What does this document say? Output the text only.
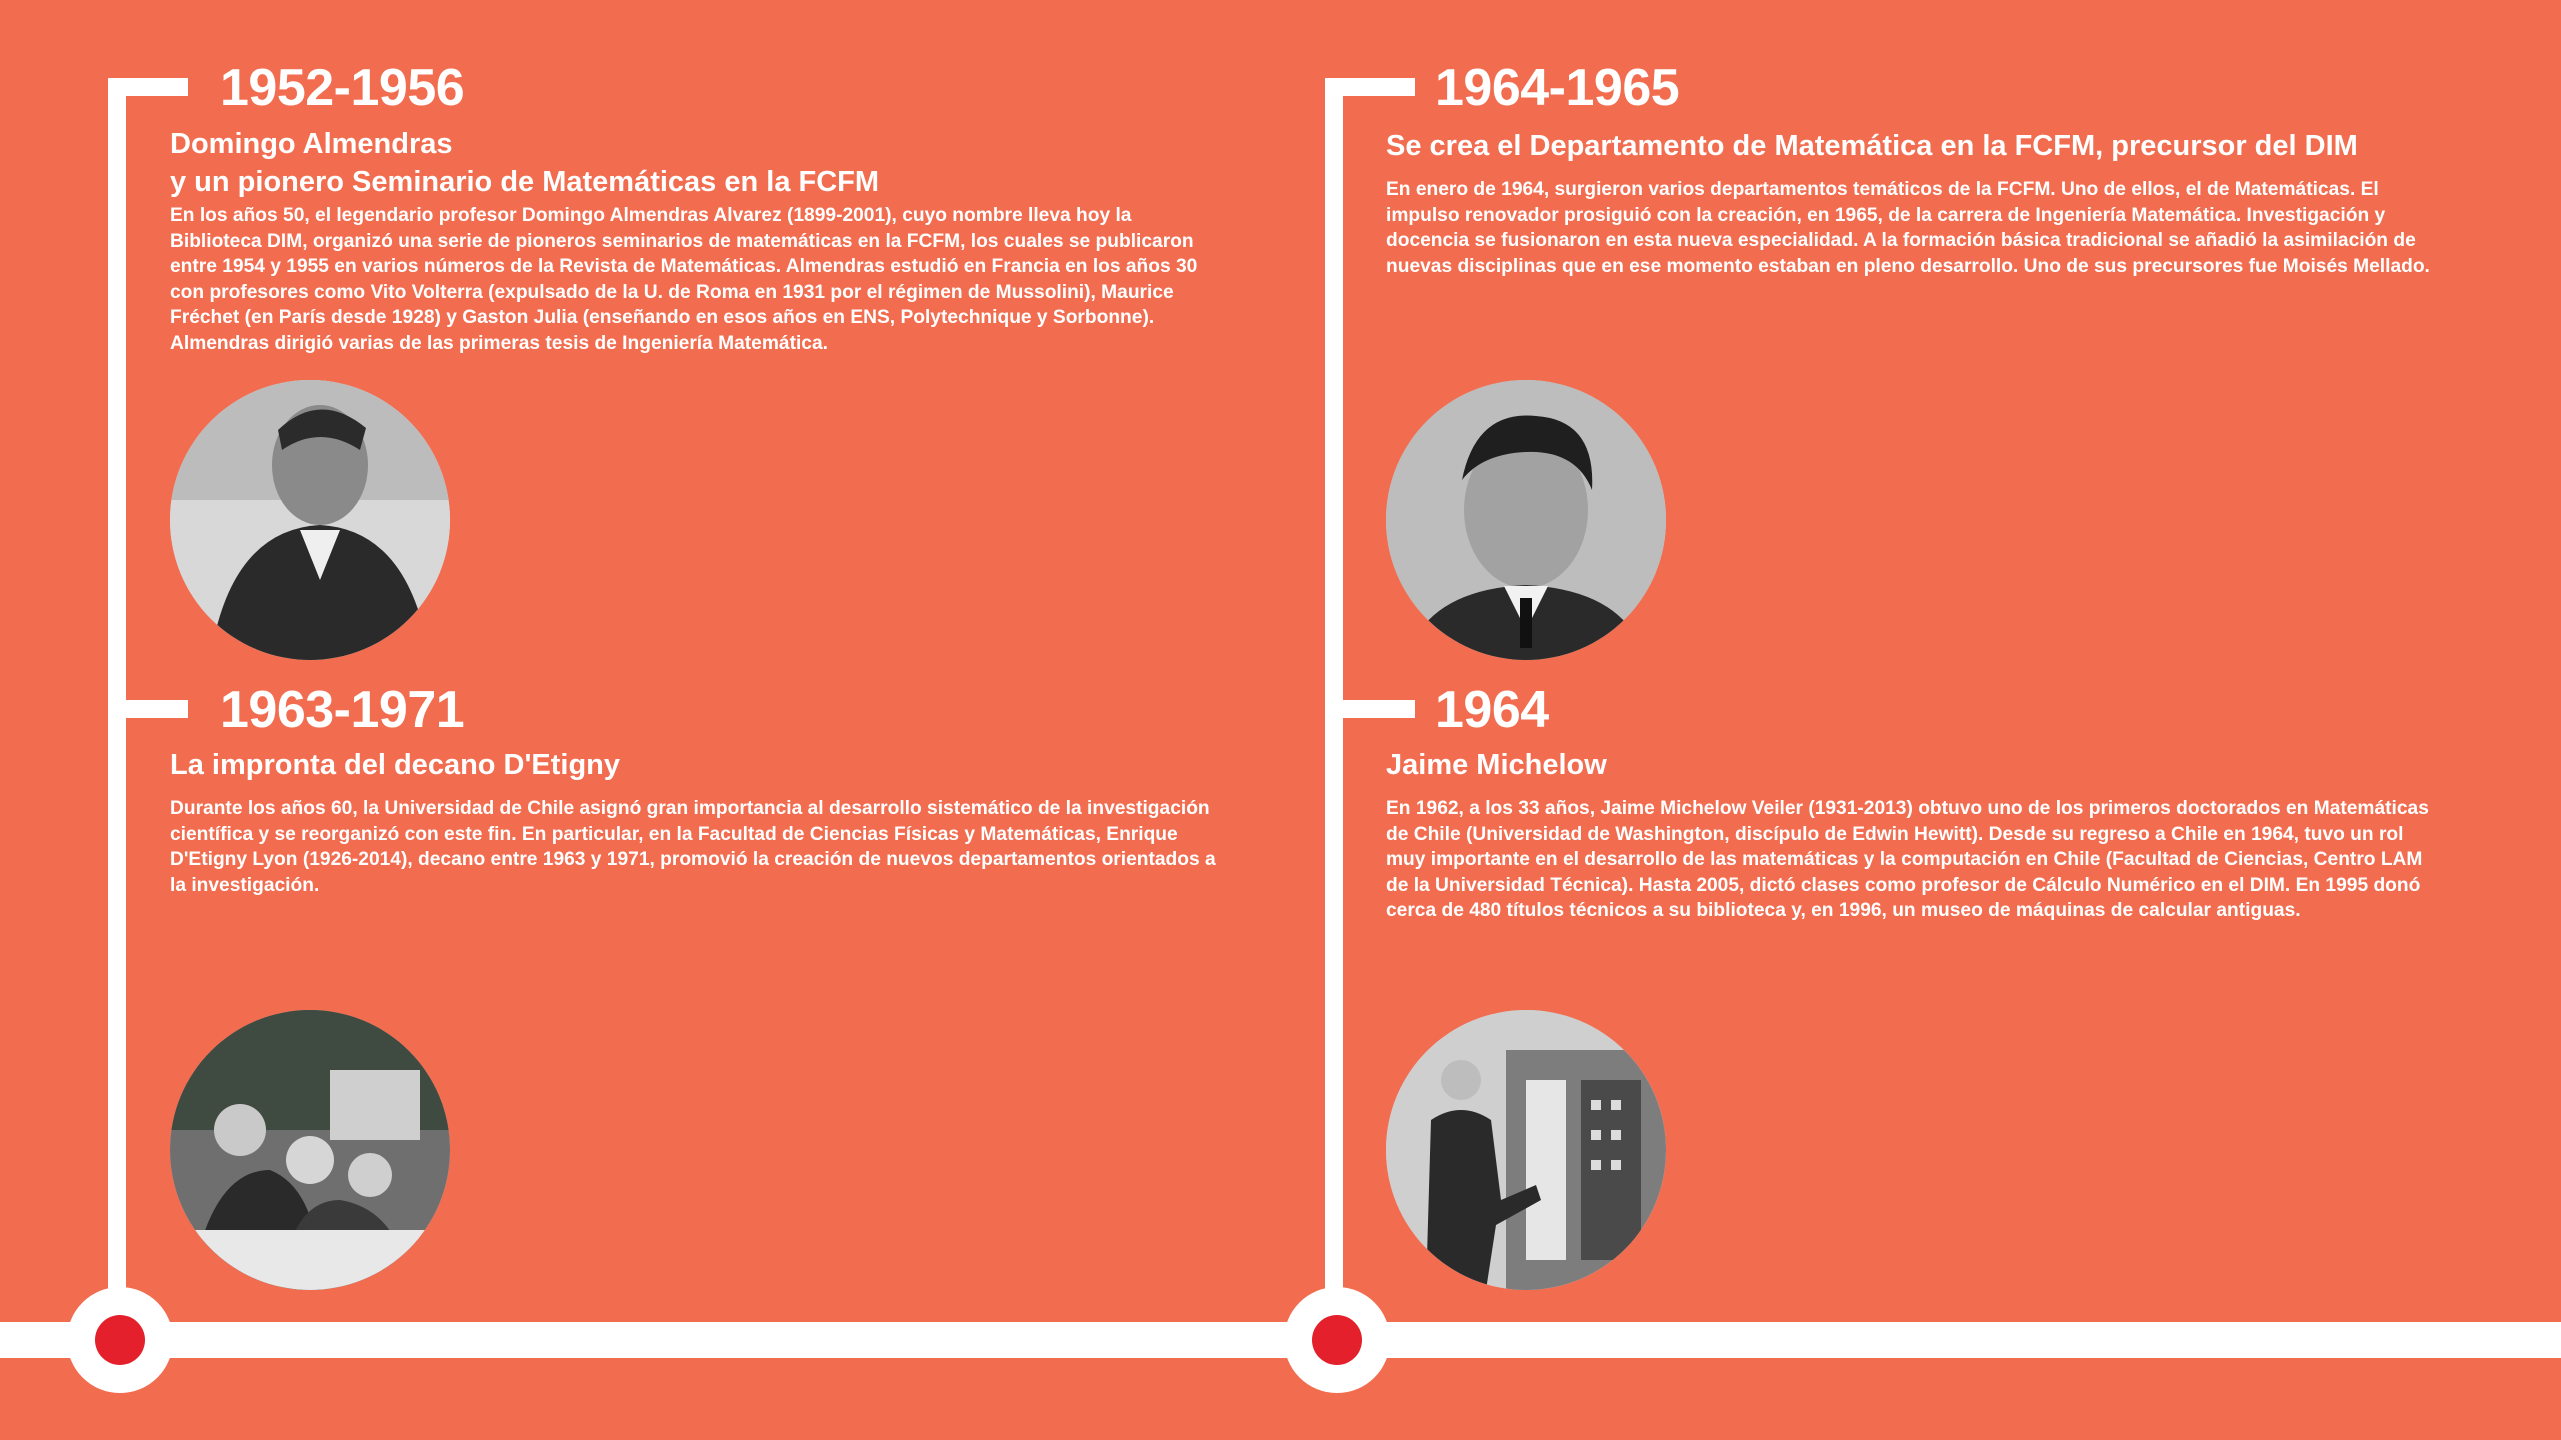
1952-1956

Domingo Almendras

y un pionero Seminario de Matemáticas en la FCFM

En los años 50, el legendario profesor Domingo Almendras Alvarez (1899-2001), cuyo nombre lleva hoy la Biblioteca DIM, organizó una serie de pioneros seminarios de matemáticas en la FCFM, los cuales se publicaron entre 1954 y 1955 en varios números de la Revista de Matemáticas. Almendras estudió en Francia en los años 30 con profesores como Vito Volterra (expulsado de la U. de Roma en 1931 por el régimen de Mussolini), Maurice Fréchet (en París desde 1928) y Gaston Julia (enseñando en esos años en ENS, Polytechnique y Sorbonne). Almendras dirigió varias de las primeras tesis de Ingeniería Matemática.

1963-1971

La impronta del decano D'Etigny

Durante los años 60, la Universidad de Chile asignó gran importancia al desarrollo sistemático de la investigación científica y se reorganizó con este fin. En particular, en la Facultad de Ciencias Físicas y Matemáticas, Enrique D'Etigny Lyon (1926-2014), decano entre 1963 y 1971, promovió la creación de nuevos departamentos orientados a la investigación.

1964-1965

Se crea el Departamento de Matemática en la FCFM, precursor del DIM

En enero de 1964, surgieron varios departamentos temáticos de la FCFM. Uno de ellos, el de Matemáticas. El impulso renovador prosiguió con la creación, en 1965, de la carrera de Ingeniería Matemática. Investigación y docencia se fusionaron en esta nueva especialidad. A la formación básica tradicional se añadió la asimilación de nuevas disciplinas que en ese momento estaban en pleno desarrollo. Uno de sus precursores fue Moisés Mellado.

1964

Jaime Michelow

En 1962, a los 33 años, Jaime Michelow Veiler (1931-2013) obtuvo uno de los primeros doctorados en Matemáticas de Chile (Universidad de Washington, discípulo de Edwin Hewitt). Desde su regreso a Chile en 1964, tuvo un rol muy importante en el desarrollo de las matemáticas y la computación en Chile (Facultad de Ciencias, Centro LAM de la Universidad Técnica). Hasta 2005, dictó clases como profesor de Cálculo Numérico en el DIM. En 1995 donó cerca de 480 títulos técnicos a su biblioteca y, en 1996, un museo de máquinas de calcular antiguas.
